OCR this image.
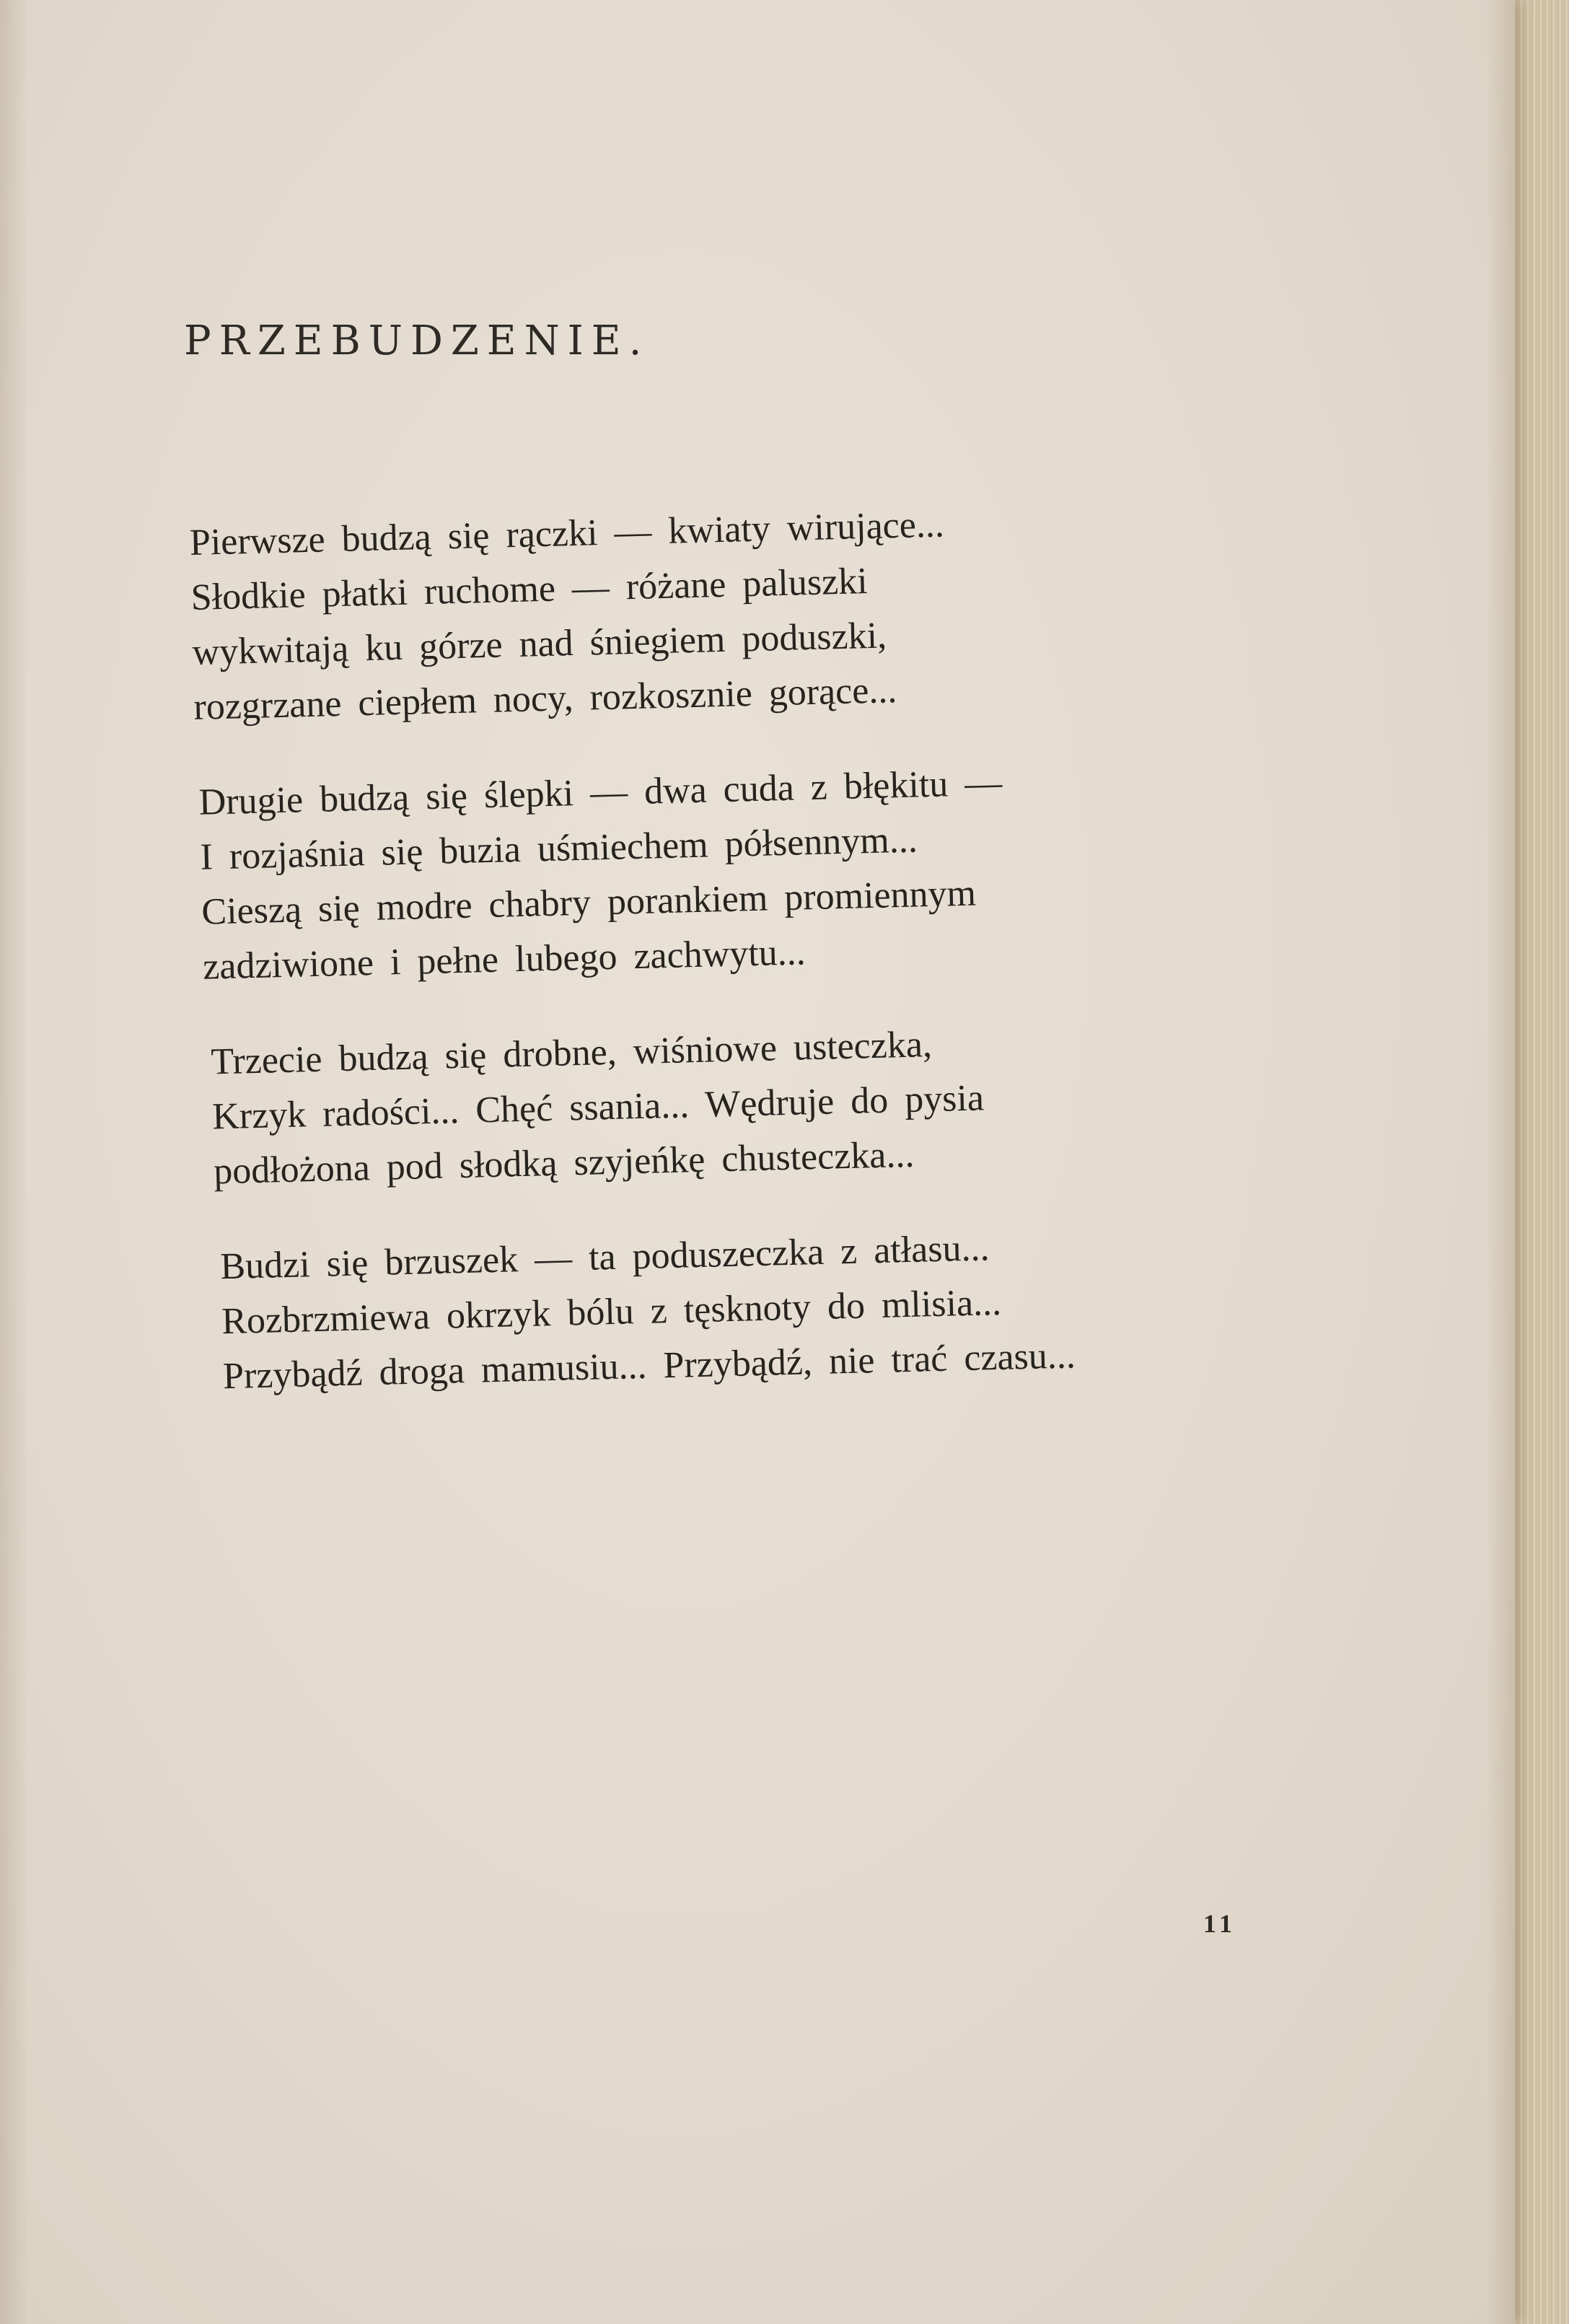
PRZEBUDZENIE.
Pierwsze budzą się rączki — kwiaty wirujące...
Słodkie płatki ruchome — różane paluszki
wykwitają ku górze nad śniegiem poduszki,
rozgrzane ciepłem nocy, rozkosznie gorące...
Drugie budzą się ślepki — dwa cuda z błękitu —
I rozjaśnia się buzia uśmiechem półsennym...
Cieszą się modre chabry porankiem promiennym
zadziwione i pełne lubego zachwytu...
Trzecie budzą się drobne, wiśniowe usteczka,
Krzyk radości... Chęć ssania... Wędruje do pysia
podłożona pod słodką szyjeńkę chusteczka...
Budzi się brzuszek — ta poduszeczka z atłasu...
Rozbrzmiewa okrzyk bólu z tęsknoty do mlisia...
Przybądź droga mamusiu... Przybądź, nie trać czasu...
11
